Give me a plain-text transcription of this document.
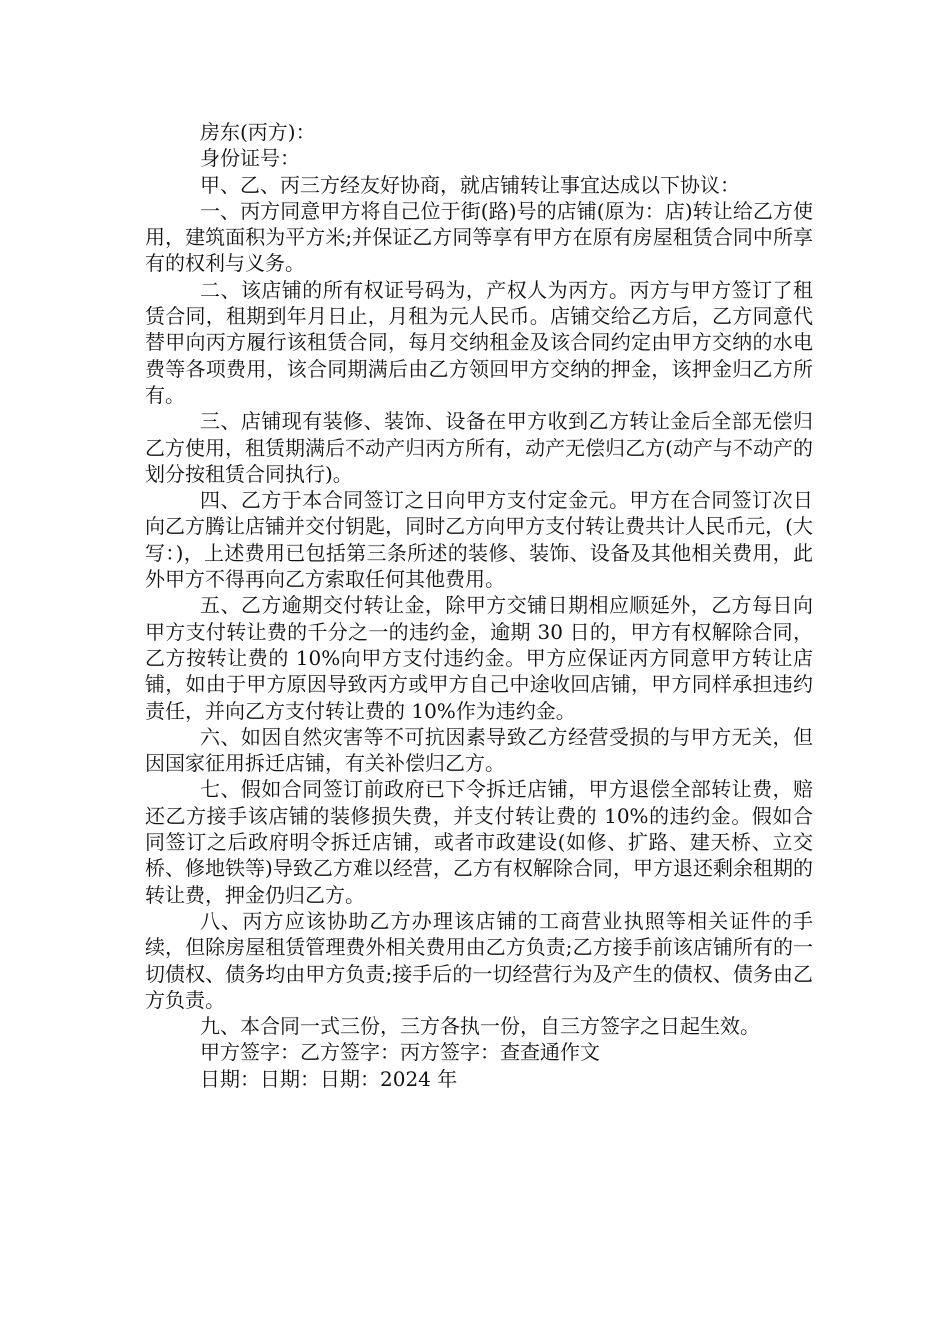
房东(丙方)：

身份证号：

甲、乙、丙三方经友好协商，就店铺转让事宜达成以下协议：

一、丙方同意甲方将自己位于街(路)号的店铺(原为：店)转让给乙方使用，建筑面积为平方米;并保证乙方同等享有甲方在原有房屋租赁合同中所享有的权利与义务。

二、该店铺的所有权证号码为，产权人为丙方。丙方与甲方签订了租赁合同，租期到年月日止，月租为元人民币。店铺交给乙方后，乙方同意代替甲向丙方履行该租赁合同，每月交纳租金及该合同约定由甲方交纳的水电费等各项费用，该合同期满后由乙方领回甲方交纳的押金，该押金归乙方所有。

三、店铺现有装修、装饰、设备在甲方收到乙方转让金后全部无偿归乙方使用，租赁期满后不动产归丙方所有，动产无偿归乙方(动产与不动产的划分按租赁合同执行)。

四、乙方于本合同签订之日向甲方支付定金元。甲方在合同签订次日向乙方腾让店铺并交付钥匙，同时乙方向甲方支付转让费共计人民币元，(大写：)，上述费用已包括第三条所述的装修、装饰、设备及其他相关费用，此外甲方不得再向乙方索取任何其他费用。

五、乙方逾期交付转让金，除甲方交铺日期相应顺延外，乙方每日向甲方支付转让费的千分之一的违约金，逾期 30 日的，甲方有权解除合同，乙方按转让费的 10%向甲方支付违约金。甲方应保证丙方同意甲方转让店铺，如由于甲方原因导致丙方或甲方自己中途收回店铺，甲方同样承担违约责任，并向乙方支付转让费的 10%作为违约金。

六、如因自然灾害等不可抗因素导致乙方经营受损的与甲方无关，但因国家征用拆迁店铺，有关补偿归乙方。

七、假如合同签订前政府已下令拆迁店铺，甲方退偿全部转让费，赔还乙方接手该店铺的装修损失费，并支付转让费的 10%的违约金。假如合同签订之后政府明令拆迁店铺，或者市政建设(如修、扩路、建天桥、立交桥、修地铁等)导致乙方难以经营，乙方有权解除合同，甲方退还剩余租期的转让费，押金仍归乙方。

八、丙方应该协助乙方办理该店铺的工商营业执照等相关证件的手续，但除房屋租赁管理费外相关费用由乙方负责;乙方接手前该店铺所有的一切债权、债务均由甲方负责;接手后的一切经营行为及产生的债权、债务由乙方负责。

九、本合同一式三份，三方各执一份，自三方签字之日起生效。

甲方签字：乙方签字：丙方签字：查查通作文

日期：日期：日期：2024 年
